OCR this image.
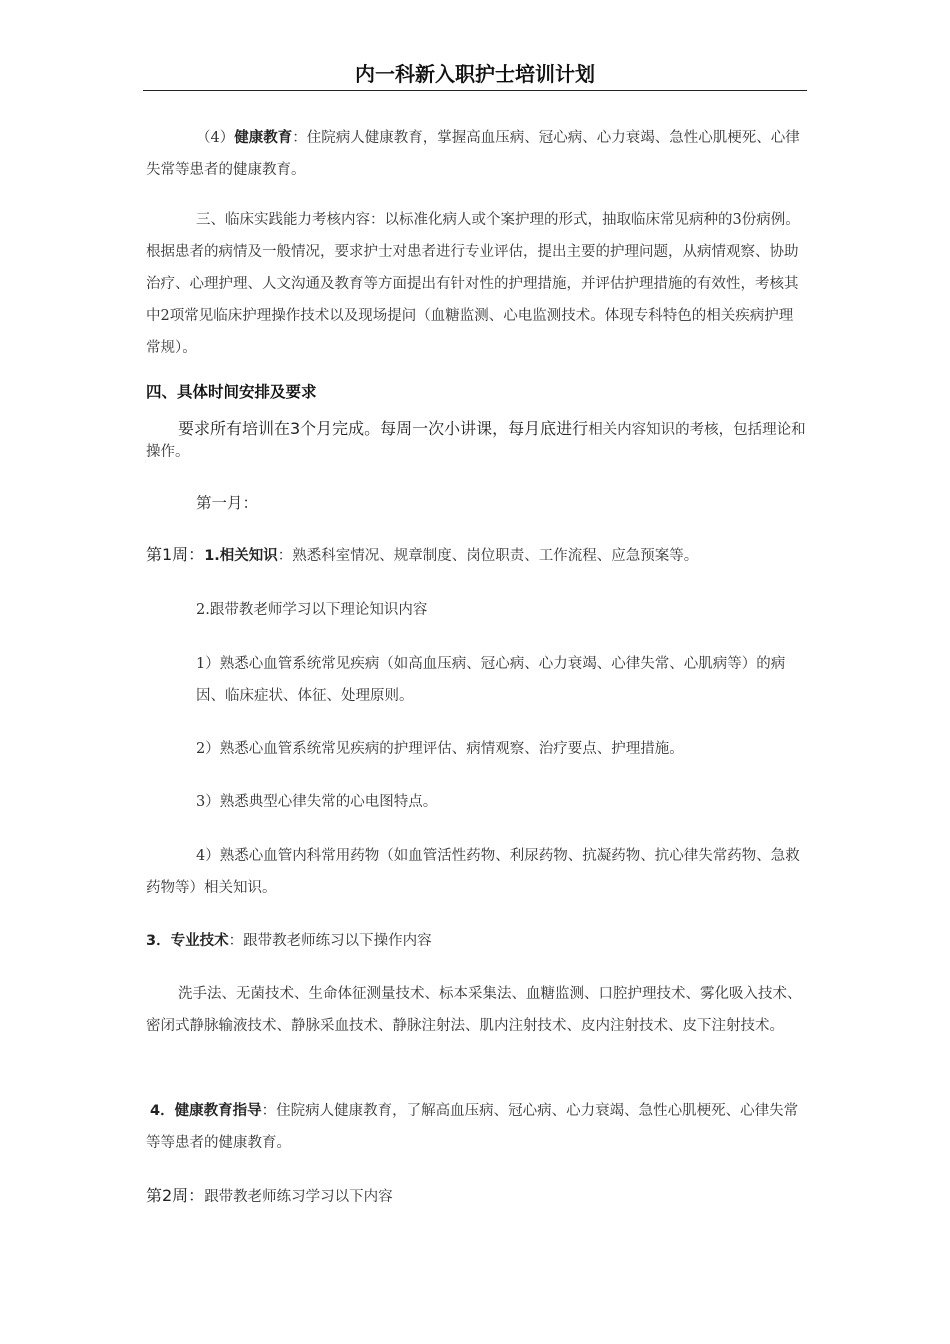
内一科新入职护士培训计划

（4）健康教育：住院病人健康教育，掌握高血压病、冠心病、心力衰竭、急性心肌梗死、心律失常等患者的健康教育。

三、临床实践能力考核内容：以标准化病人或个案护理的形式，抽取临床常见病种的3份病例。根据患者的病情及一般情况，要求护士对患者进行专业评估，提出主要的护理问题，从病情观察、协助治疗、心理护理、人文沟通及教育等方面提出有针对性的护理措施，并评估护理措施的有效性，考核其中2项常见临床护理操作技术以及现场提问（血糖监测、心电监测技术。体现专科特色的相关疾病护理常规）。

四、具体时间安排及要求

要求所有培训在3个月完成。每周一次小讲课，每月底进行相关内容知识的考核，包括理论和操作。

第一月：

第1周：1.相关知识：熟悉科室情况、规章制度、岗位职责、工作流程、应急预案等。

2.跟带教老师学习以下理论知识内容

1）熟悉心血管系统常见疾病（如高血压病、冠心病、心力衰竭、心律失常、心肌病等）的病因、临床症状、体征、处理原则。

2）熟悉心血管系统常见疾病的护理评估、病情观察、治疗要点、护理措施。

3）熟悉典型心律失常的心电图特点。

4）熟悉心血管内科常用药物（如血管活性药物、利尿药物、抗凝药物、抗心律失常药物、急救药物等）相关知识。

3．专业技术：跟带教老师练习以下操作内容

洗手法、无菌技术、生命体征测量技术、标本采集法、血糖监测、口腔护理技术、雾化吸入技术、密闭式静脉输液技术、静脉采血技术、静脉注射法、肌内注射技术、皮内注射技术、皮下注射技术。

4．健康教育指导：住院病人健康教育，了解高血压病、冠心病、心力衰竭、急性心肌梗死、心律失常等等患者的健康教育。

第2周：跟带教老师练习学习以下内容
